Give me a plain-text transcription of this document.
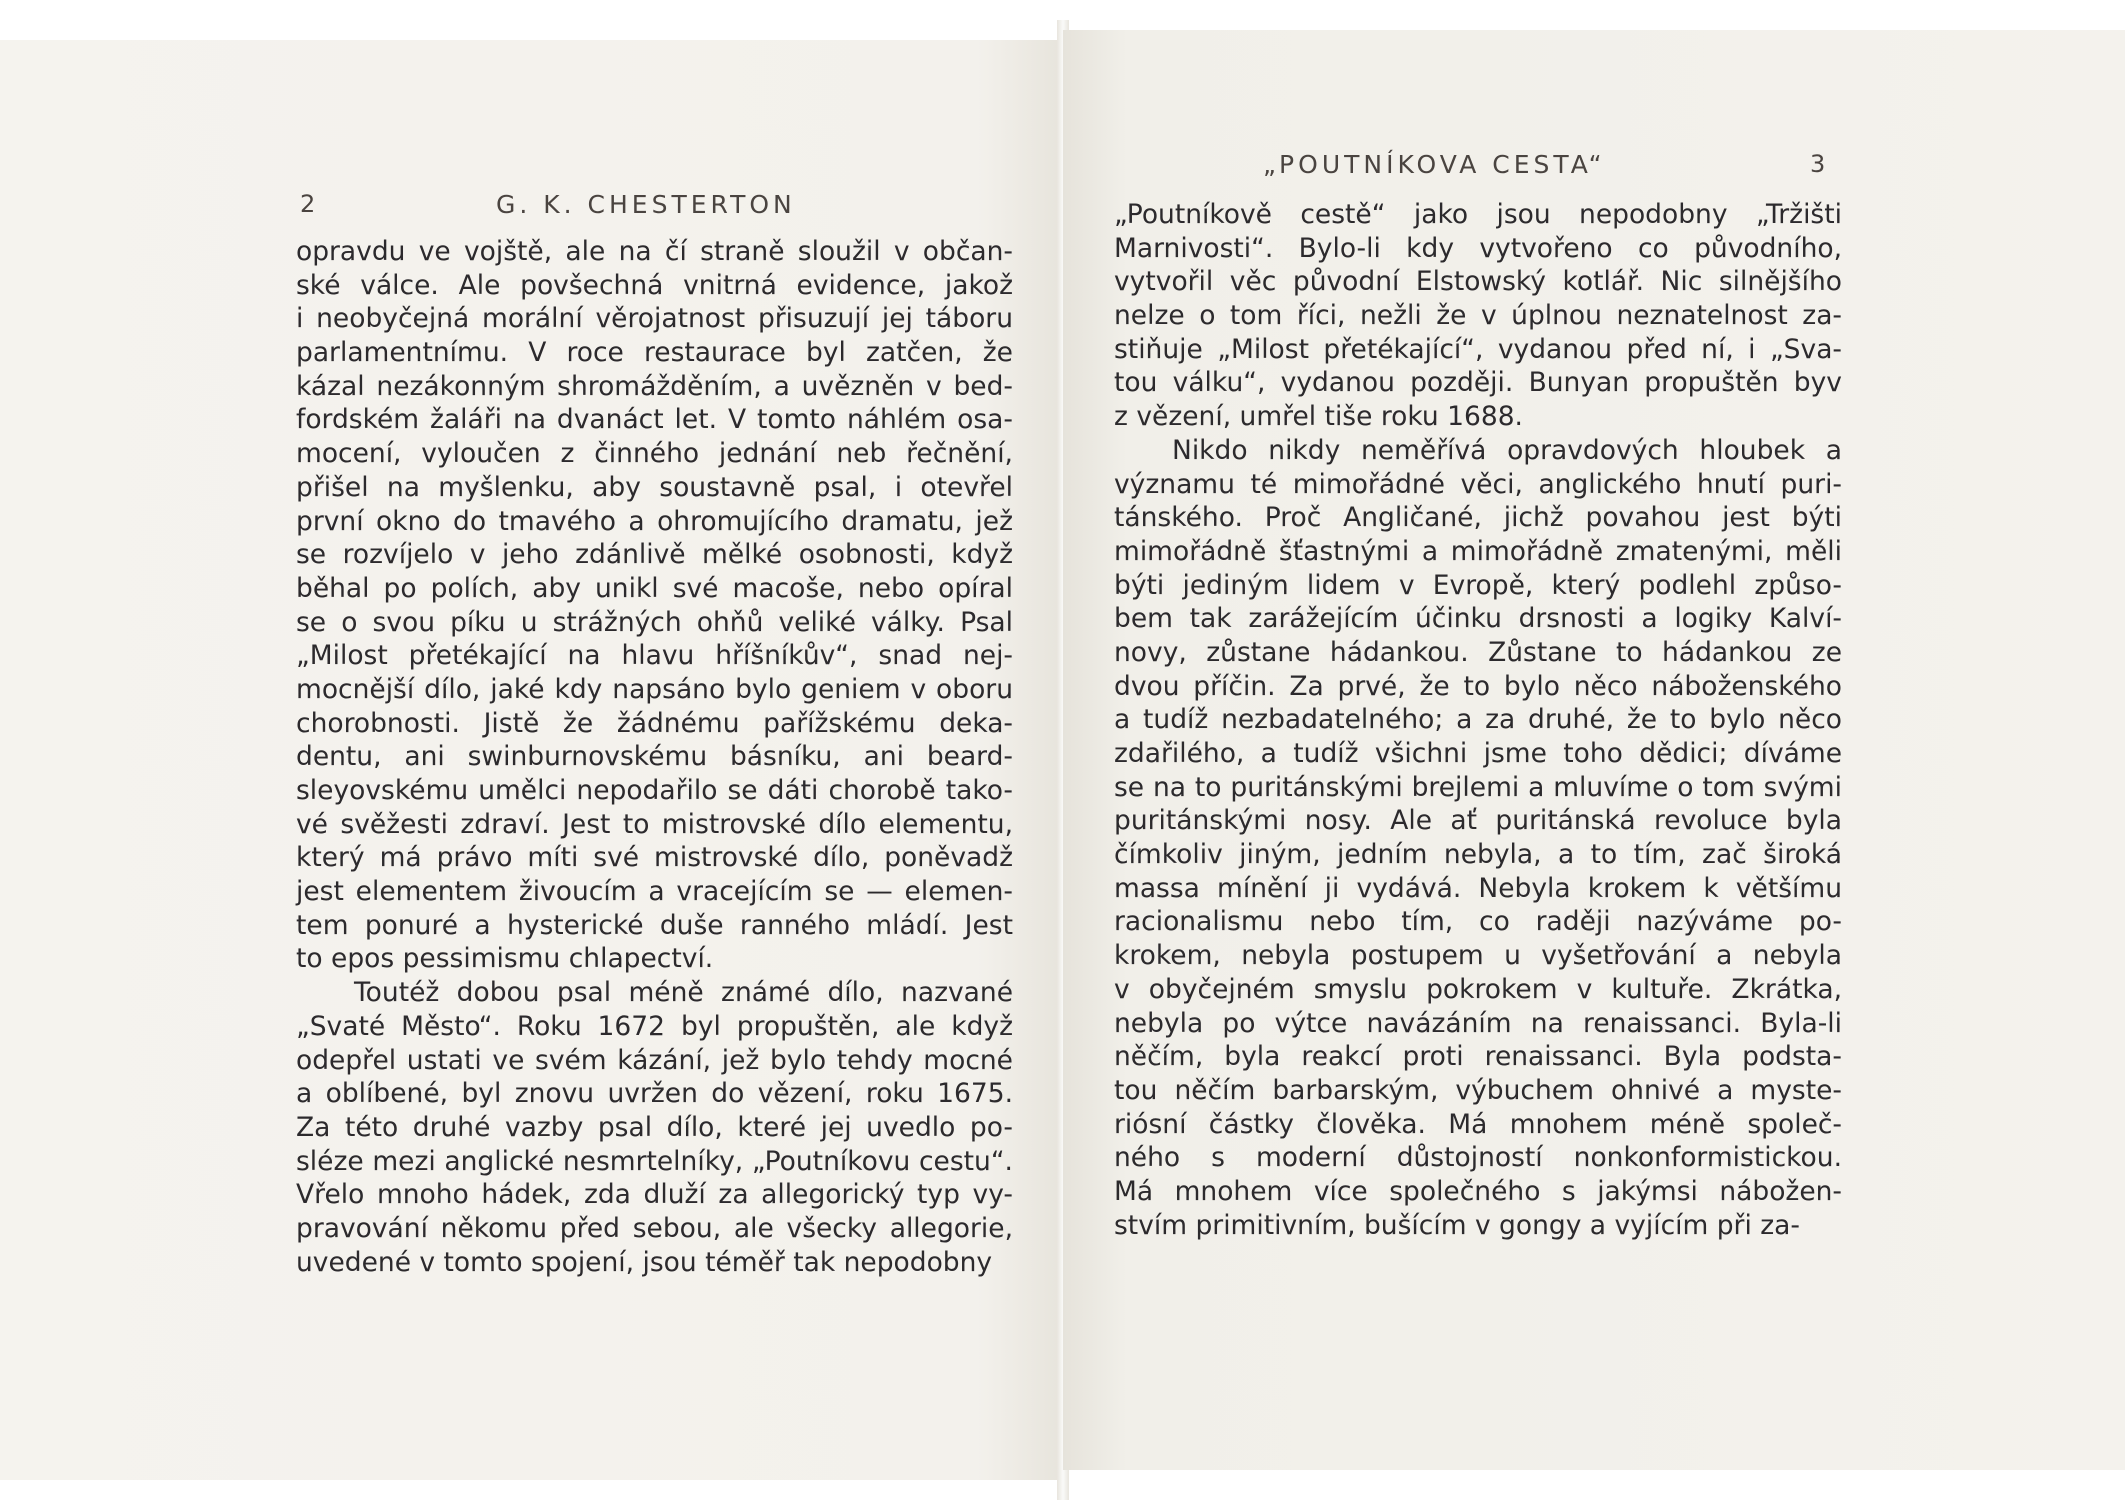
2	G. K. CHESTERTON
opravdu ve vojště, ale na čí straně sloužil v občan-
ské válce. Ale povšechná vnitrná evidence, jakož
i neobyčejná morální věrojatnost přisuzují jej táboru
parlamentnímu. V roce restaurace byl zatčen, že
kázal nezákonným shromážděním, a uvězněn v bed-
fordském žaláři na dvanáct let. V tomto náhlém osa-
mocení, vyloučen z činného jednání neb řečnění,
přišel na myšlenku, aby soustavně psal, i otevřel
první okno do tmavého a ohromujícího dramatu, jež
se rozvíjelo v jeho zdánlivě mělké osobnosti, když
běhal po polích, aby unikl své macoše, nebo opíral
se o svou píku u strážných ohňů veliké války. Psal
„Milost přetékající na hlavu hříšníkův“, snad nej-
mocnější dílo, jaké kdy napsáno bylo geniem v oboru
chorobnosti. Jistě že žádnému pařížskému deka-
dentu, ani swinburnovskému básníku, ani beard-
sleyovskému umělci nepodařilo se dáti chorobě tako-
vé svěžesti zdraví. Jest to mistrovské dílo elementu,
který má právo míti své mistrovské dílo, poněvadž
jest elementem živoucím a vracejícím se — elemen-
tem ponuré a hysterické duše ranného mládí. Jest
to epos pessimismu chlapectví.
Toutéž dobou psal méně známé dílo, nazvané
„Svaté Město“. Roku 1672 byl propuštěn, ale když
odepřel ustati ve svém kázání, jež bylo tehdy mocné
a oblíbené, byl znovu uvržen do vězení, roku 1675.
Za této druhé vazby psal dílo, které jej uvedlo po-
sléze mezi anglické nesmrtelníky, „Poutníkovu cestu“.
Vřelo mnoho hádek, zda dluží za allegorický typ vy-
pravování někomu před sebou, ale všecky allegorie,
uvedené v tomto spojení, jsou téměř tak nepodobny
„POUTNÍKOVA CESTA“	3
„Poutníkově cestě“ jako jsou nepodobny „Tržišti
Marnivosti“. Bylo-li kdy vytvořeno co původního,
vytvořil věc původní Elstowský kotlář. Nic silnějšího
nelze o tom říci, nežli že v úplnou neznatelnost za-
stiňuje „Milost přetékající“, vydanou před ní, i „Sva-
tou válku“, vydanou později. Bunyan propuštěn byv
z vězení, umřel tiše roku 1688.
Nikdo nikdy neměřívá opravdových hloubek a
významu té mimořádné věci, anglického hnutí puri-
tánského. Proč Angličané, jichž povahou jest býti
mimořádně šťastnými a mimořádně zmatenými, měli
býti jediným lidem v Evropě, který podlehl způso-
bem tak zarážejícím účinku drsnosti a logiky Kalví-
novy, zůstane hádankou. Zůstane to hádankou ze
dvou příčin. Za prvé, že to bylo něco náboženského
a tudíž nezbadatelného; a za druhé, že to bylo něco
zdařilého, a tudíž všichni jsme toho dědici; díváme
se na to puritánskými brejlemi a mluvíme o tom svými
puritánskými nosy. Ale ať puritánská revoluce byla
čímkoliv jiným, jedním nebyla, a to tím, zač široká
massa mínění ji vydává. Nebyla krokem k většímu
racionalismu nebo tím, co raději nazýváme po-
krokem, nebyla postupem u vyšetřování a nebyla
v obyčejném smyslu pokrokem v kultuře. Zkrátka,
nebyla po výtce navázáním na renaissanci. Byla-li
něčím, byla reakcí proti renaissanci. Byla podsta-
tou něčím barbarským, výbuchem ohnivé a myste-
riósní částky člověka. Má mnohem méně společ-
ného s moderní důstojností nonkonformistickou.
Má mnohem více společného s jakýmsi nábožen-
stvím primitivním, bušícím v gongy a vyjícím při za-
